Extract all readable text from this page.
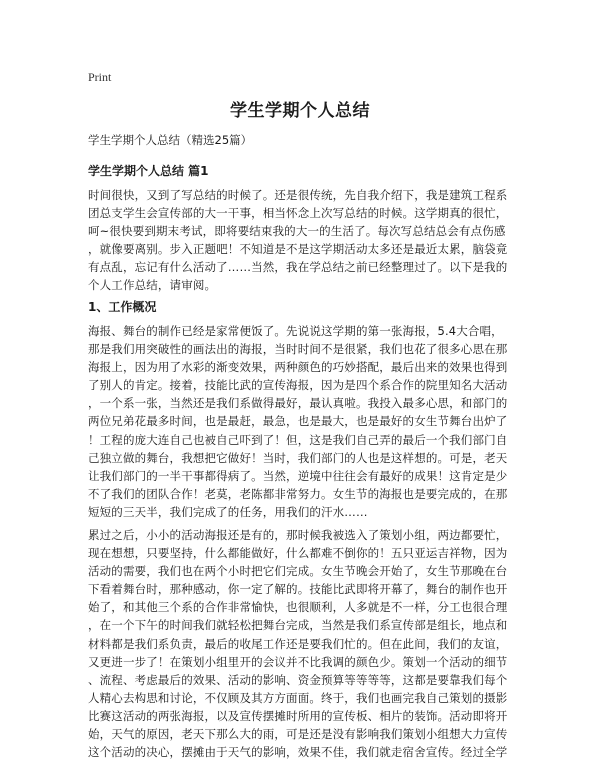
Print
学生学期个人总结
学生学期个人总结（精选25篇）
学生学期个人总结 篇1
时间很快，又到了写总结的时候了。还是很传统，先自我介绍下，我是建筑工程系
团总支学生会宣传部的大一干事，相当怀念上次写总结的时候。这学期真的很忙，
呵~很快要到期末考试，即将要结束我的大一的生活了。每次写总结总会有点伤感
，就像要离别。步入正题吧！不知道是不是这学期活动太多还是最近太累，脑袋竟
有点乱，忘记有什么活动了……当然，我在学总结之前已经整理过了。以下是我的
个人工作总结，请审阅。
1、工作概况
海报、舞台的制作已经是家常便饭了。先说说这学期的第一张海报，5.4大合唱，
那是我们用突破性的画法出的海报，当时时间不是很紧，我们也花了很多心思在那
海报上，因为用了水彩的渐变效果，两种颜色的巧妙搭配，最后出来的效果也得到
了别人的肯定。接着，技能比武的宣传海报，因为是四个系合作的院里知名大活动
，一个系一张，当然还是我们系做得最好，最认真啦。我投入最多心思，和部门的
两位兄弟花最多时间，也是最赶，最急，也是最大，也是最好的女生节舞台出炉了
！工程的庞大连自己也被自己吓到了！但，这是我们自己弄的最后一个我们部门自
己独立做的舞台，我想把它做好！当时，我们部门的人也是这样想的。可是，老天
让我们部门的一半干事都得病了。当然，逆境中往往会有最好的成果！这肯定是少
不了我们的团队合作！老莫，老陈都非常努力。女生节的海报也是要完成的，在那
短短的三天半，我们完成了的任务，用我们的汗水……
累过之后，小小的活动海报还是有的，那时候我被选入了策划小组，两边都要忙，
现在想想，只要坚持，什么都能做好，什么都难不倒你的！五只亚运吉祥物，因为
活动的需要，我们也在两个小时把它们完成。女生节晚会开始了，女生节那晚在台
下看着舞台时，那种感动，你一定了解的。技能比武即将开幕了，舞台的制作也开
始了，和其他三个系的合作非常愉快，也很顺利，人多就是不一样，分工也很合理
，在一个下午的时间我们就轻松把舞台完成，当然是我们系宣传部是组长，地点和
材料都是我们系负责，最后的收尾工作还是要我们忙的。但在此间，我们的友谊，
又更进一步了！在策划小组里开的会议并不比我调的颜色少。策划一个活动的细节
、流程、考虑最后的效果、活动的影响、资金预算等等等等，这都是要靠我们每个
人精心去构思和讨论，不仅顾及其方方面面。终于，我们也画完我自己策划的摄影
比赛这活动的两张海报，以及宣传摆摊时所用的宣传板、相片的装饰。活动即将开
始，天气的原因，老天下那么大的雨，可是还是没有影响我们策划小组想大力宣传
这个活动的决心，摆摊由于天气的影响，效果不佳，我们就走宿舍宣传。经过全学
